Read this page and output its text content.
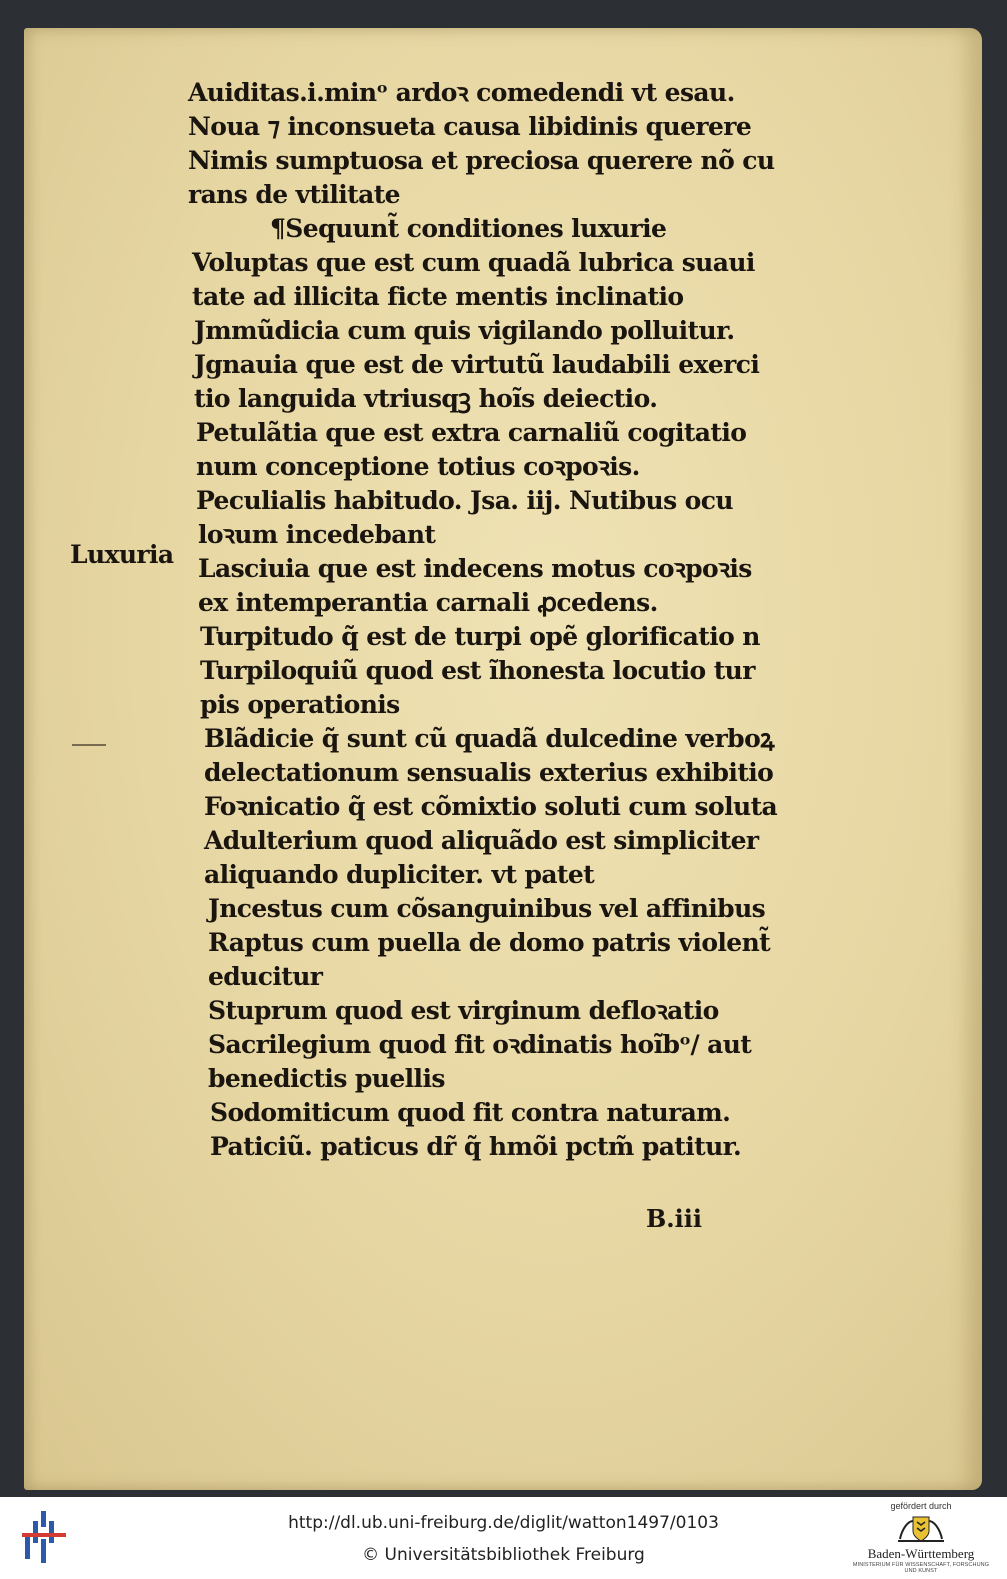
Auiditas.i.minᵒ ardoꝛ comedendi vt esau.
Noua ⁊ inconsueta causa libidinis querere
Nimis sumptuosa et preciosa querere nõ cu
rans de vtilitate
¶Sequunt̃ conditiones luxurie
Voluptas que est cum quadã lubrica suaui
tate ad illicita ficte mentis inclinatio
Jmmũdicia cum quis vigilando polluitur.
Jgnauia que est de virtutũ laudabili exerci
tio languida vtriusqꝫ hoĩs deiectio.
Petulãtia que est extra carnaliũ cogitatio
num conceptione totius coꝛpoꝛis.
Peculialis habitudo. Jsa. iij. Nutibus ocu
loꝛum incedebant
Lasciuia que est indecens motus coꝛpoꝛis
ex intemperantia carnali ꝓcedens.
Turpitudo q̃ est de turpi opẽ glorificatio n
Turpiloquiũ quod est ĩhonesta locutio tur
pis operationis
Blãdicie q̃ sunt cũ quadã dulcedine verboꝝ
delectationum sensualis exterius exhibitio
Foꝛnicatio q̃ est cõmixtio soluti cum soluta
Adulterium quod aliquãdo est simpliciter
aliquando dupliciter. vt patet
Jncestus cum cõsanguinibus vel affinibus
Raptus cum puella de domo patris violent̃
educitur
Stuprum quod est virginum defloꝛatio
Sacrilegium quod fit oꝛdinatis hoĩbᵒ/ aut
benedictis puellis
Sodomiticum quod fit contra naturam.
Paticiũ. paticus dr̃ q̃ hmõi pctm̃ patitur.
Luxuria
B.iii
http://dl.ub.uni-freiburg.de/diglit/watton1497/0103
© Universitätsbibliothek Freiburg
gefördert durch
Baden-Württemberg
MINISTERIUM FÜR WISSENSCHAFT, FORSCHUNG UND KUNST
